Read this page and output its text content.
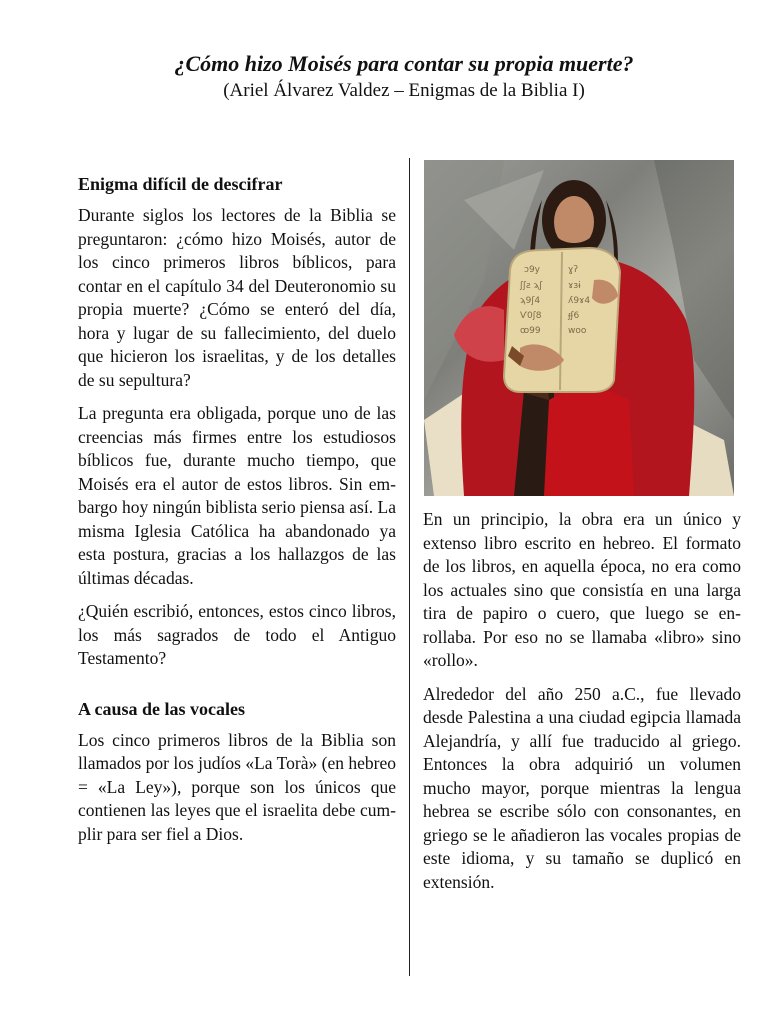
¿Cómo hizo Moisés para contar su propia muerte?
(Ariel Álvarez Valdez – Enigmas de la Biblia I)
Enigma difícil de descifrar

Durante siglos los lectores de la Biblia se preguntaron: ¿cómo hizo Moisés, autor de los cinco primeros libros bíblicos, para contar en el capítulo 34 del Deuteronomio su propia muerte? ¿Cómo se enteró del día, hora y lugar de su fallecimiento, del duelo que hicieron los israelitas, y de los detalles de su sepultura?

La pregunta era obligada, porque uno de las creencias más firmes entre los estudiosos bíblicos fue, durante mucho tiempo, que Moisés era el autor de estos libros. Sin embargo hoy ningún biblista serio piensa así. La misma Iglesia Católica ha abandonado ya esta postura, gracias a los hallazgos de las últimas décadas.

¿Quién escribió, entonces, estos cinco libros, los más sagrados de todo el Antiguo Testamento?

A causa de las vocales

Los cinco primeros libros de la Biblia son llamados por los judíos «La Torà» (en hebreo = «La Ley»), porque son los únicos que contienen las leyes que el israelita debe cumplir para ser fiel a Dios.

ɔ9y
ʃʃƨ ϡʃ
ϡ9ʃ4
Ѵ0ʃ8
ꝏ99
ɣʔ
ɤɜɨ
ʎ9ɤ4
ɟʄ6
woo

En un principio, la obra era un único y extenso libro escrito en hebreo. El formato de los libros, en aquella época, no era como los actuales sino que consistía en una larga tira de papiro o cuero, que luego se enrollaba. Por eso no se llamaba «libro» sino «rollo».

Alrededor del año 250 a.C., fue llevado desde Palestina a una ciudad egipcia llamada Alejandría, y allí fue traducido al griego. Entonces la obra adquirió un volumen mucho mayor, porque mientras la lengua hebrea se escribe sólo con consonantes, en griego se le añadieron las vocales propias de este idioma, y su tamaño se duplicó en extensión.
